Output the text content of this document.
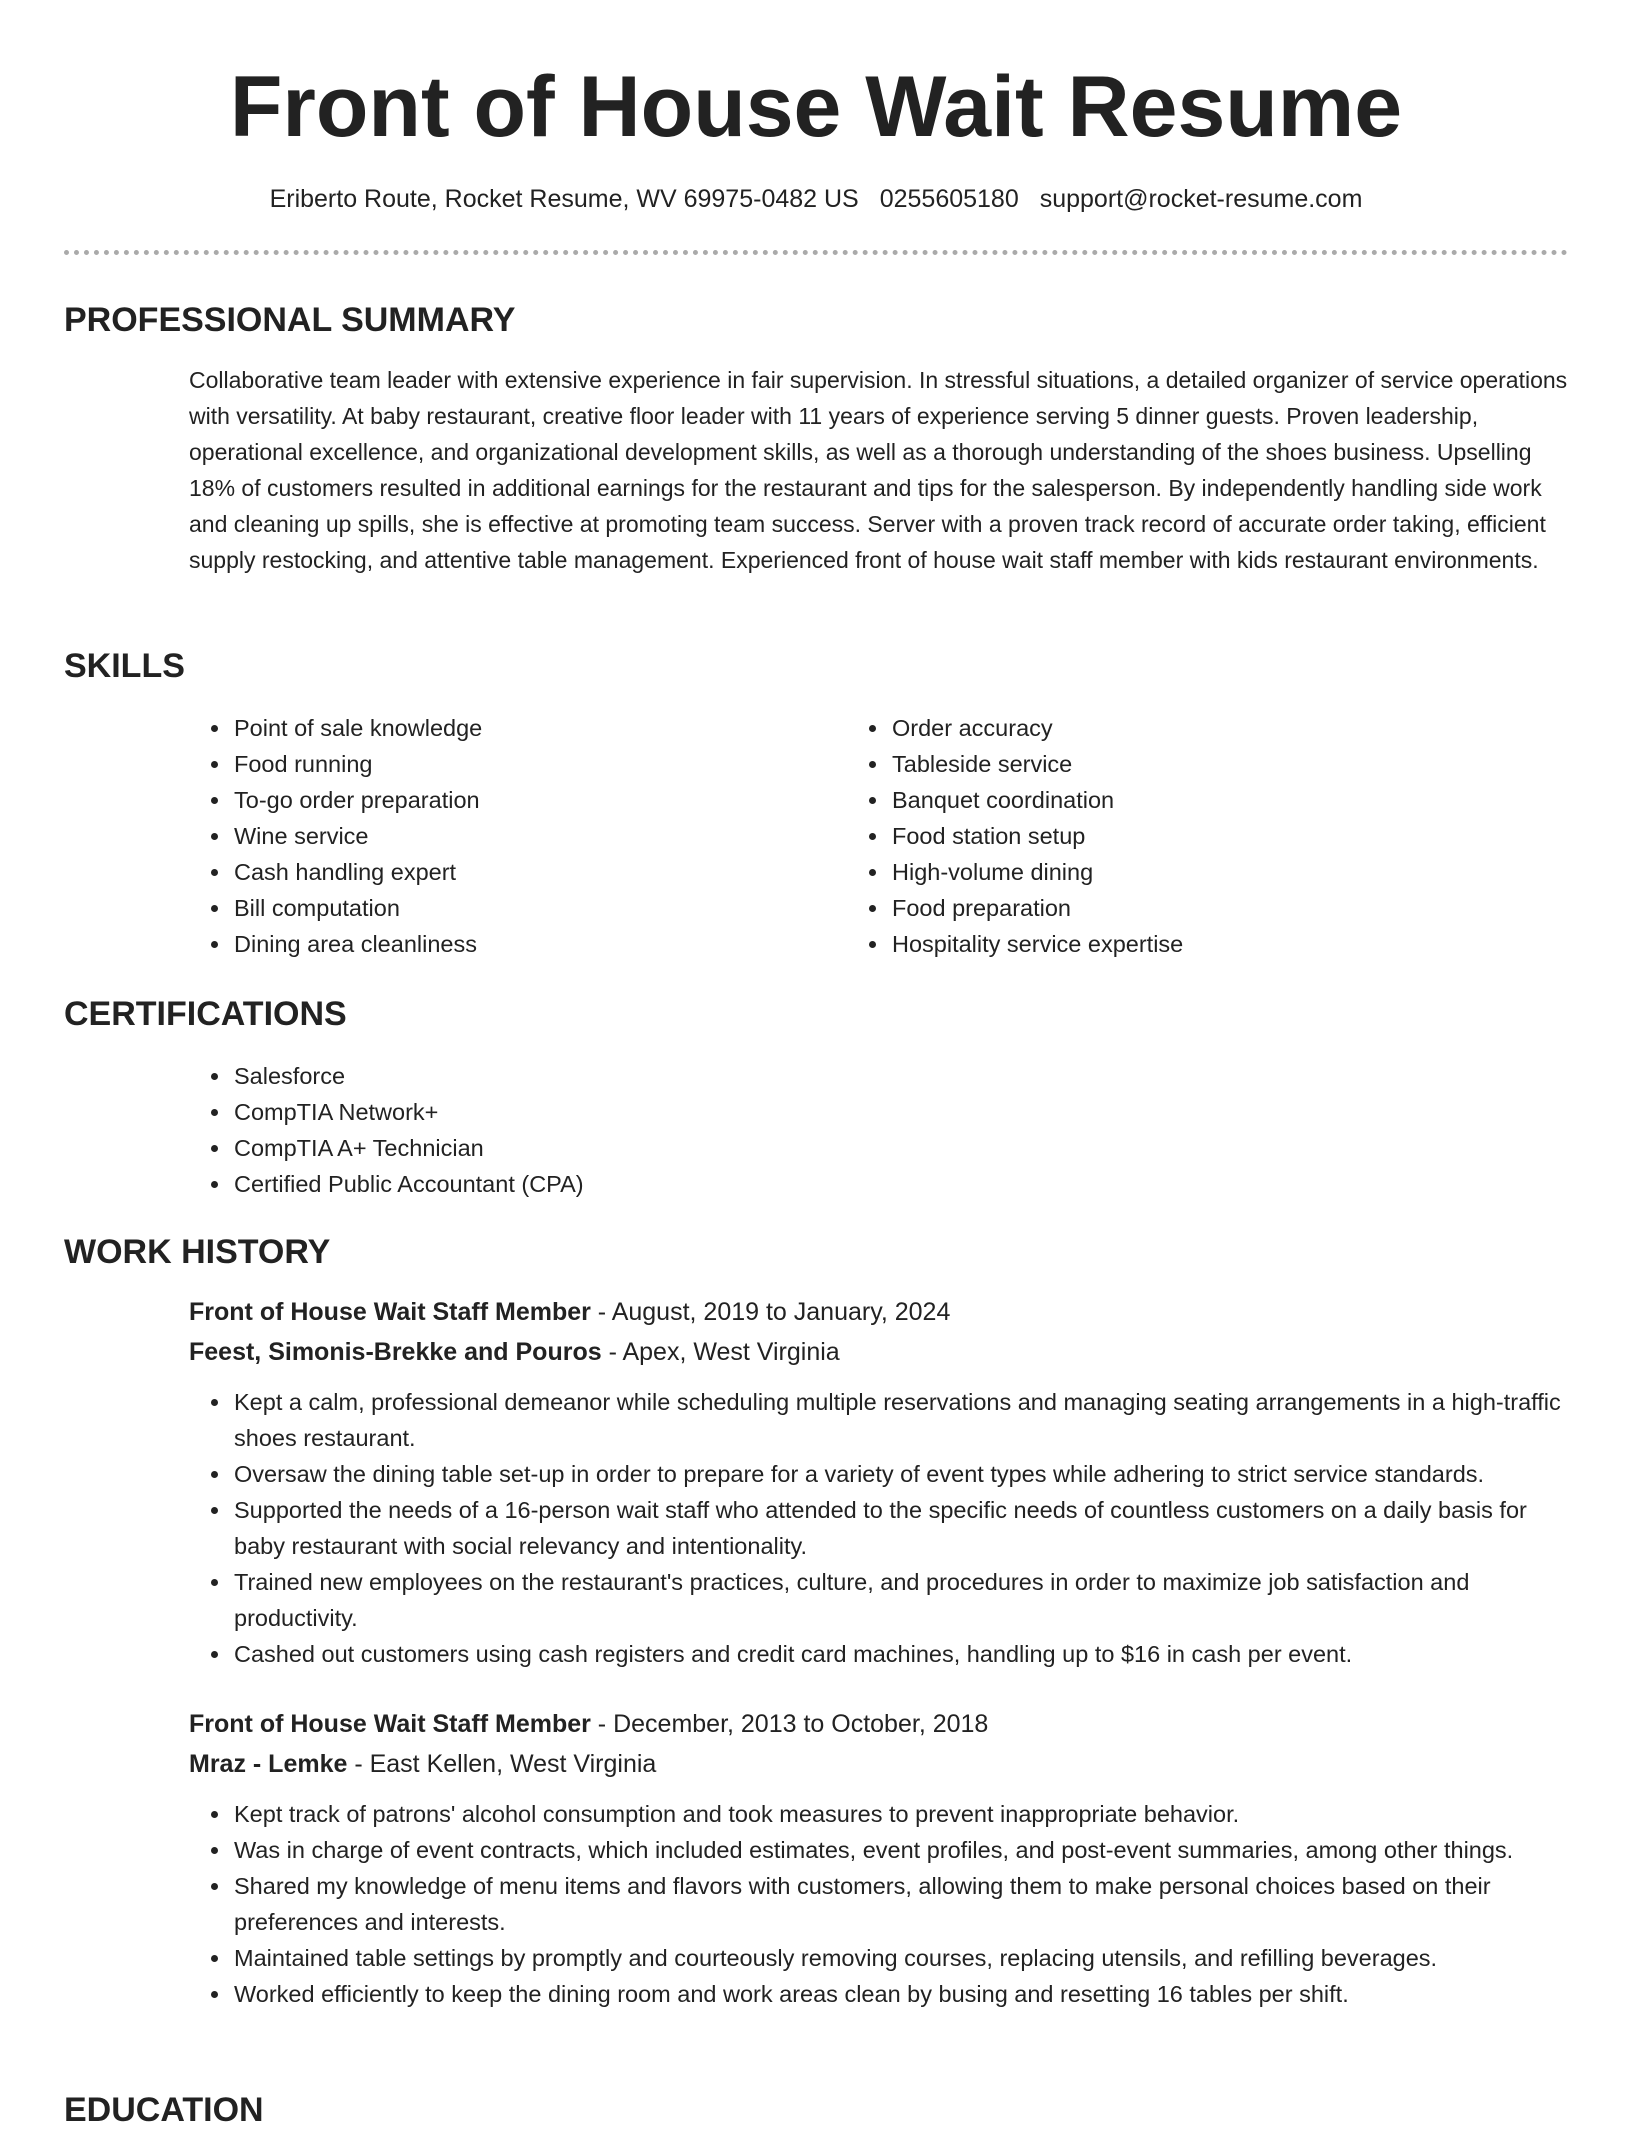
Front of House Wait Resume
Eriberto Route, Rocket Resume, WV 69975-0482 US 0255605180 support@rocket-resume.com
PROFESSIONAL SUMMARY
Collaborative team leader with extensive experience in fair supervision. In stressful situations, a detailed organizer of service operations with versatility. At baby restaurant, creative floor leader with 11 years of experience serving 5 dinner guests. Proven leadership, operational excellence, and organizational development skills, as well as a thorough understanding of the shoes business. Upselling 18% of customers resulted in additional earnings for the restaurant and tips for the salesperson. By independently handling side work and cleaning up spills, she is effective at promoting team success. Server with a proven track record of accurate order taking, efficient supply restocking, and attentive table management. Experienced front of house wait staff member with kids restaurant environments.
SKILLS
• Point of sale knowledge
• Food running
• To-go order preparation
• Wine service
• Cash handling expert
• Bill computation
• Dining area cleanliness
• Order accuracy
• Tableside service
• Banquet coordination
• Food station setup
• High-volume dining
• Food preparation
• Hospitality service expertise
CERTIFICATIONS
• Salesforce
• CompTIA Network+
• CompTIA A+ Technician
• Certified Public Accountant (CPA)
WORK HISTORY
Front of House Wait Staff Member - August, 2019 to January, 2024
Feest, Simonis-Brekke and Pouros - Apex, West Virginia
• Kept a calm, professional demeanor while scheduling multiple reservations and managing seating arrangements in a high-traffic shoes restaurant.
• Oversaw the dining table set-up in order to prepare for a variety of event types while adhering to strict service standards.
• Supported the needs of a 16-person wait staff who attended to the specific needs of countless customers on a daily basis for baby restaurant with social relevancy and intentionality.
• Trained new employees on the restaurant's practices, culture, and procedures in order to maximize job satisfaction and productivity.
• Cashed out customers using cash registers and credit card machines, handling up to $16 in cash per event.
Front of House Wait Staff Member - December, 2013 to October, 2018
Mraz - Lemke - East Kellen, West Virginia
• Kept track of patrons' alcohol consumption and took measures to prevent inappropriate behavior.
• Was in charge of event contracts, which included estimates, event profiles, and post-event summaries, among other things.
• Shared my knowledge of menu items and flavors with customers, allowing them to make personal choices based on their preferences and interests.
• Maintained table settings by promptly and courteously removing courses, replacing utensils, and refilling beverages.
• Worked efficiently to keep the dining room and work areas clean by busing and resetting 16 tables per shift.
EDUCATION
